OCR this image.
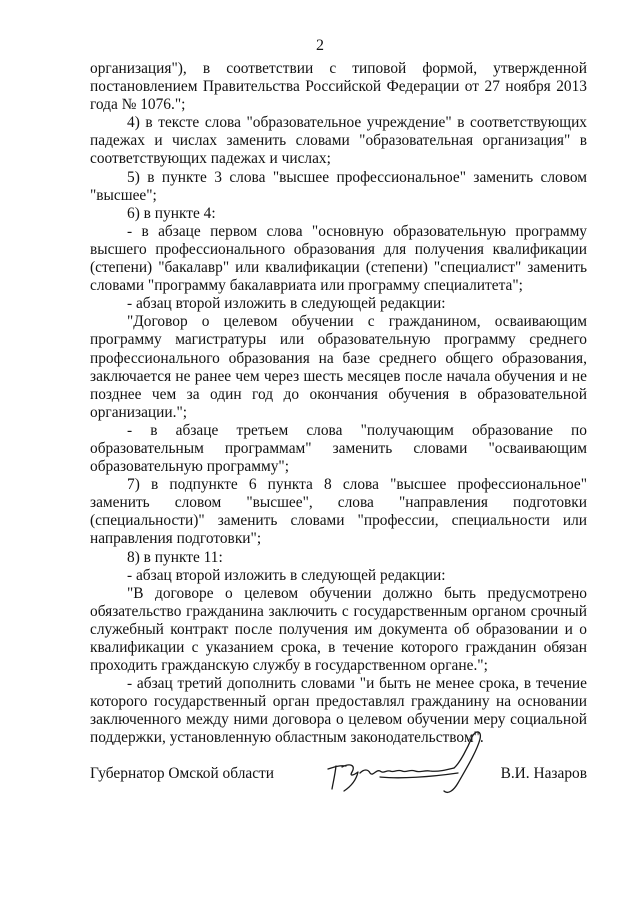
2

организация"), в соответствии с типовой формой, утвержденной постановлением Правительства Российской Федерации от 27 ноября 2013 года № 1076.";

4) в тексте слова "образовательное учреждение" в соответствующих падежах и числах заменить словами "образовательная организация" в соответствующих падежах и числах;

5) в пункте 3 слова "высшее профессиональное" заменить словом "высшее";

6) в пункте 4:

- в абзаце первом слова "основную образовательную программу высшего профессионального образования для получения квалификации (степени) "бакалавр" или квалификации (степени) "специалист" заменить словами "программу бакалавриата или программу специалитета";

- абзац второй изложить в следующей редакции:

"Договор о целевом обучении с гражданином, осваивающим программу магистратуры или образовательную программу среднего профессионального образования на базе среднего общего образования, заключается не ранее чем через шесть месяцев после начала обучения и не позднее чем за один год до окончания обучения в образовательной организации.";

- в абзаце третьем слова "получающим образование по образовательным программам" заменить словами "осваивающим образовательную программу";

7) в подпункте 6 пункта 8 слова "высшее профессиональное" заменить словом "высшее", слова "направления подготовки (специальности)" заменить словами "профессии, специальности или направления подготовки";

8) в пункте 11:

- абзац второй изложить в следующей редакции:

"В договоре о целевом обучении должно быть предусмотрено обязательство гражданина заключить с государственным органом срочный служебный контракт после получения им документа об образовании и о квалификации с указанием срока, в течение которого гражданин обязан проходить гражданскую службу в государственном органе.";

- абзац третий дополнить словами "и быть не менее срока, в течение которого государственный орган предоставлял гражданину на основании заключенного между ними договора о целевом обучении меру социальной поддержки, установленную областным законодательством".

Губернатор Омской области	В.И. Назаров
